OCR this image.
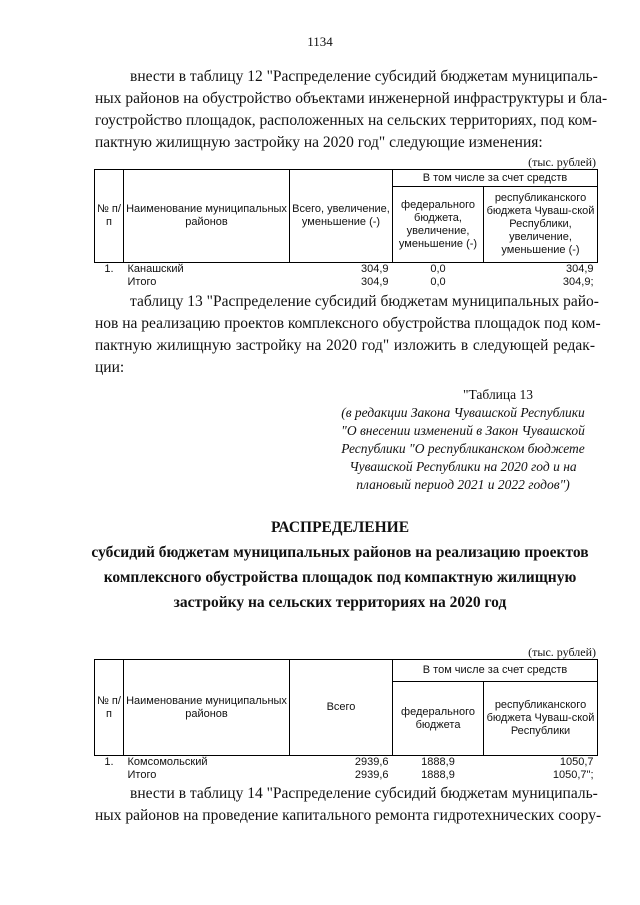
1134
внести в таблицу 12 "Распределение субсидий бюджетам муниципаль-
ных районов на обустройство объектами инженерной инфраструктуры и бла-
гоустройство площадок, расположенных на сельских территориях, под ком-
пактную жилищную застройку на 2020 год" следующие изменения:
(тыс. рублей)
№ п/п	Наименование муниципальных районов	Всего, увеличение, уменьшение (-)	В том числе за счет средств	
			федерального бюджета, увеличение, уменьшение (-)	республиканского бюджета Чуваш-ской Республики, увеличение, уменьшение (-)
1.	Канашский	304,9	0,0	304,9
	Итого	304,9	0,0	304,9;
таблицу 13 "Распределение субсидий бюджетам муниципальных райо-
нов на реализацию проектов комплексного обустройства площадок под ком-
пактную жилищную застройку на 2020 год" изложить в следующей редак-
ции:
"Таблица 13
(в редакции Закона Чувашской Республики
"О внесении изменений в Закон Чувашской
Республики "О республиканском бюджете
Чувашской Республики на 2020 год и на
плановый период 2021 и 2022 годов")
РАСПРЕДЕЛЕНИЕ
субсидий бюджетам муниципальных районов на реализацию проектов
комплексного обустройства площадок под компактную жилищную
застройку на сельских территориях на 2020 год
(тыс. рублей)
№ п/п	Наименование муниципальных районов	Всего	В том числе за счет средств	
			федерального бюджета	республиканского бюджета Чуваш-ской Республики
1.	Комсомольский	2939,6	1888,9	1050,7
	Итого	2939,6	1888,9	1050,7";
внести в таблицу 14 "Распределение субсидий бюджетам муниципаль-
ных районов на проведение капитального ремонта гидротехнических соору-
